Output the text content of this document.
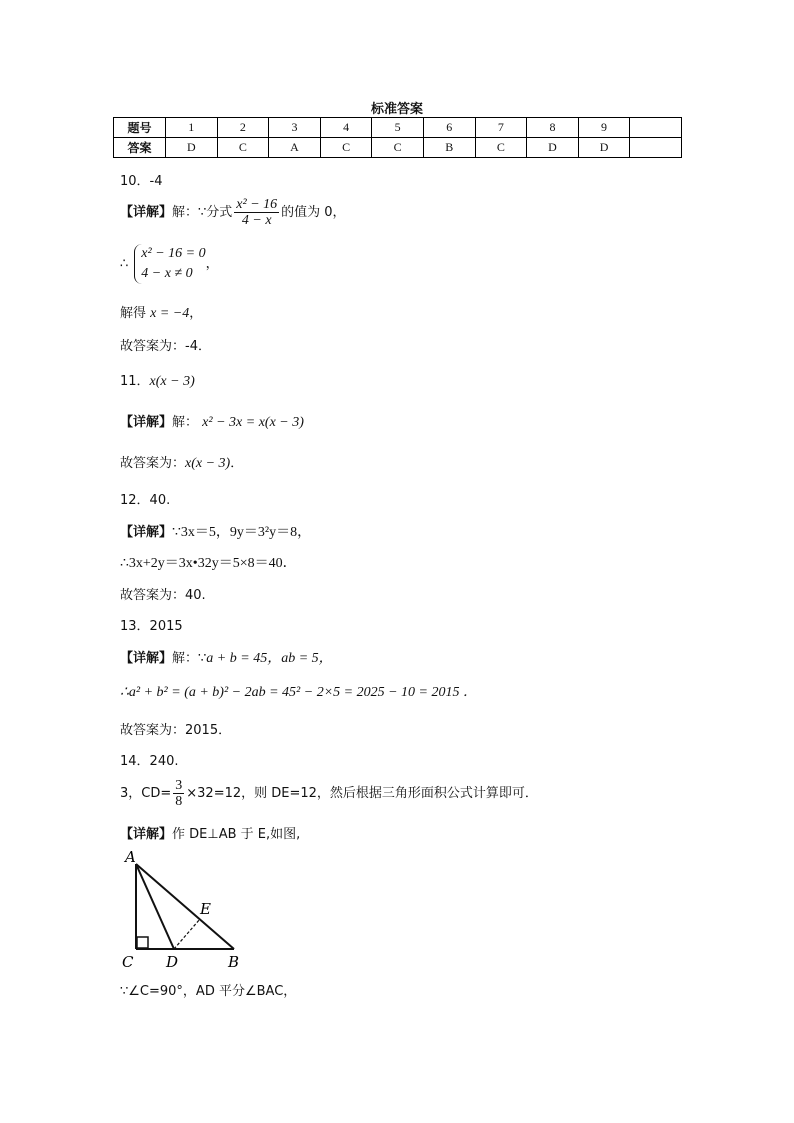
标准答案
题号	1	2	3	4	5	6	7	8	9	
答案	D	C	A	C	C	B	C	D	D	
10．-4
【详解】解：∵分式 $\frac{\text{x² − 16}}{4 - x}$ 的值为 0，
∴
x² − 16 = 0
4 − x ≠ 0
，
解得 x = −4，
故答案为：-4．
11．x(x − 3)
【详解】解： x² − 3x = x(x − 3)
故答案为：x(x − 3)．
12．40.
【详解】∵3x＝5，9y＝3²y＝8，
∴3x+2y＝3x•32y＝5×8＝40．
故答案为：40.
13．2015
【详解】解：∵a + b = 45，ab = 5，
∴a² + b² = (a + b)² − 2ab = 45² − 2×5 = 2025 − 10 = 2015 ．
故答案为：2015．
14．240.
3，$CD= \frac{3}{8} \times 32=12$，则 DE=12，然后根据三角形面积公式计算即可．
【详解】作 DE⊥AB 于 E,如图,
A
E
C D	B
∵∠C=90°，AD 平分∠BAC，
